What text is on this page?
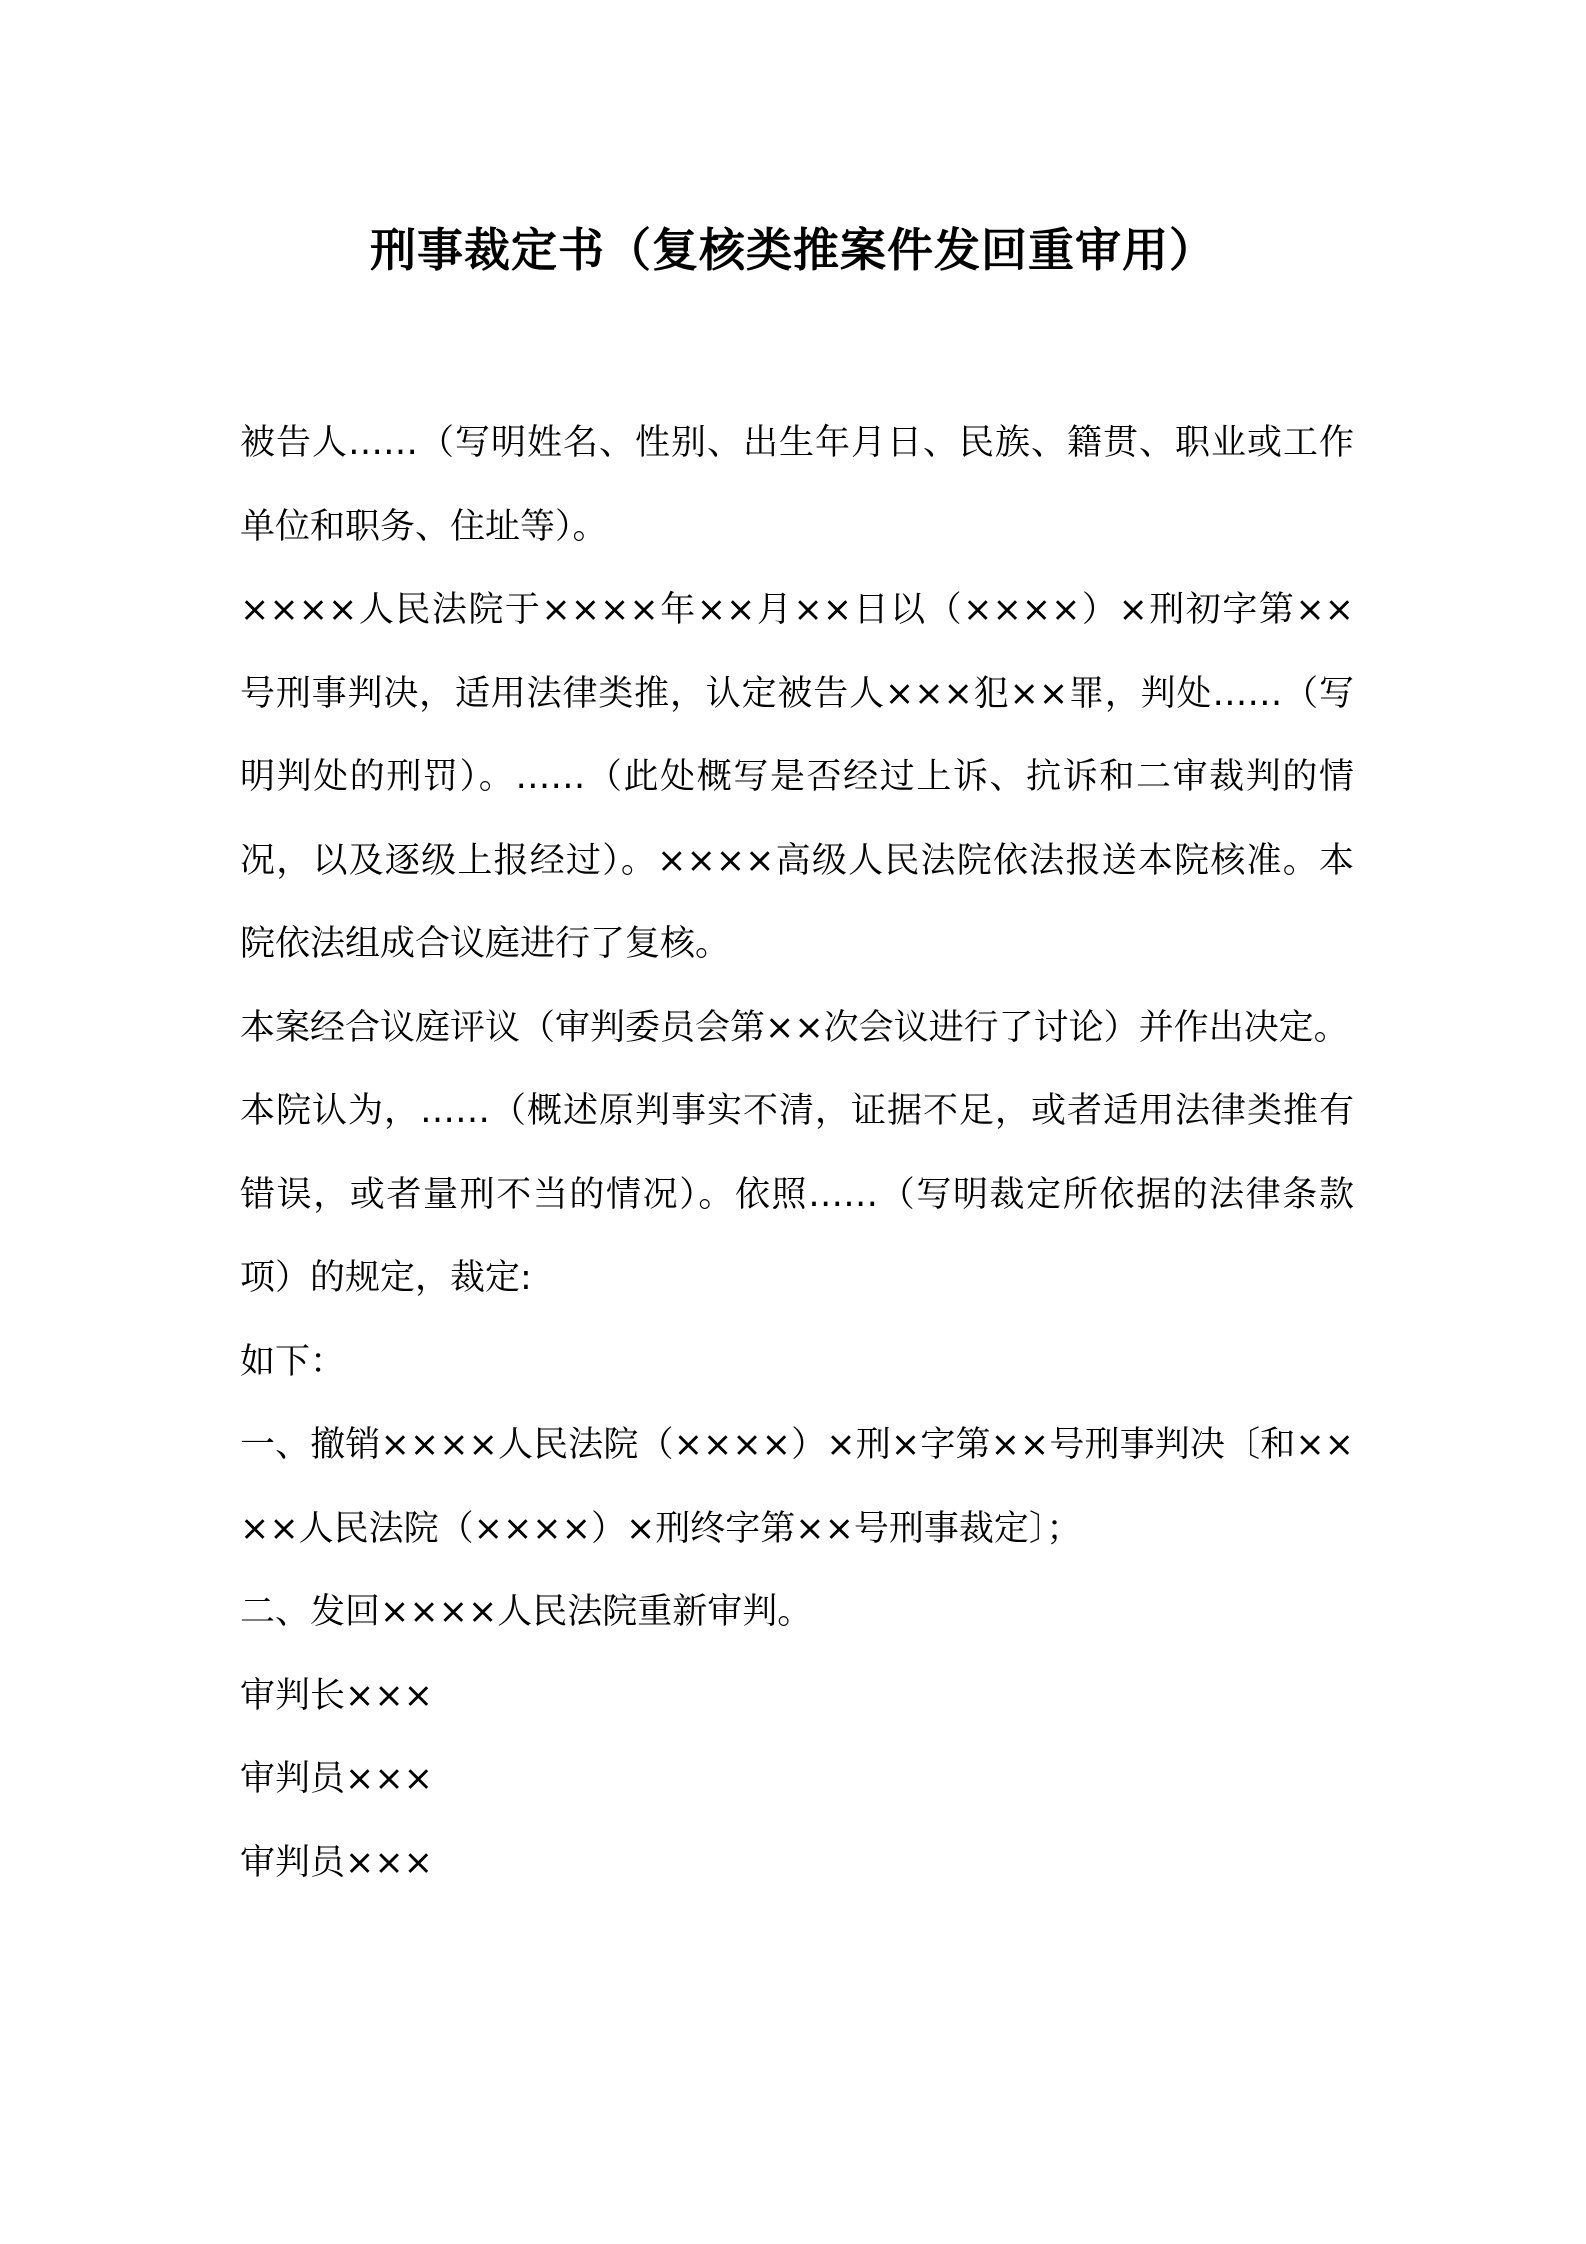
刑事裁定书（复核类推案件发回重审用）

被告人……（写明姓名、性别、出生年月日、民族、籍贯、职业或工作单位和职务、住址等）。

××××人民法院于××××年××月××日以（××××）×刑初字第××号刑事判决，适用法律类推，认定被告人×××犯××罪，判处……（写明判处的刑罚）。……（此处概写是否经过上诉、抗诉和二审裁判的情况，以及逐级上报经过）。××××高级人民法院依法报送本院核准。本院依法组成合议庭进行了复核。

本案经合议庭评议（审判委员会第××次会议进行了讨论）并作出决定。

本院认为，……（概述原判事实不清，证据不足，或者适用法律类推有错误，或者量刑不当的情况）。依照……（写明裁定所依据的法律条款项）的规定，裁定:

如下：

一、撤销××××人民法院（××××）×刑×字第××号刑事判决〔和××××人民法院（××××）×刑终字第××号刑事裁定〕；

二、发回××××人民法院重新审判。

审判长×××

审判员×××

审判员×××
